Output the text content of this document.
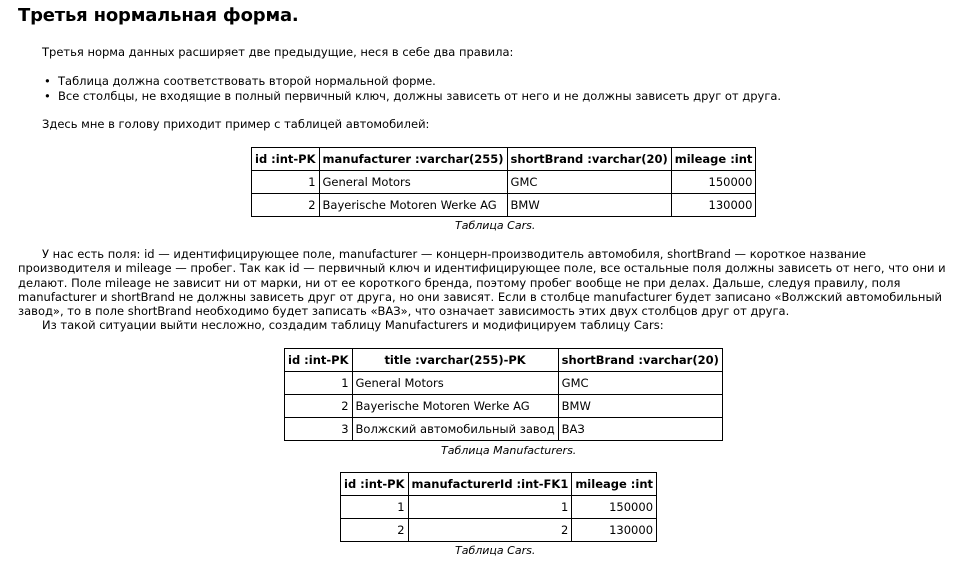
Третья нормальная форма.

Третья норма данных расширяет две предыдущие, неся в себе два правила:

• Таблица должна соответствовать второй нормальной форме.
• Все столбцы, не входящие в полный первичный ключ, должны зависеть от него и не должны зависеть друг от друга.

Здесь мне в голову приходит пример с таблицей автомобилей:

id :int-PK	manufacturer :varchar(255)	shortBrand :varchar(20)	mileage :int
1	General Motors	GMC	150000
2	Bayerische Motoren Werke AG	BMW	130000
Таблица Cars.

У нас есть поля: id — идентифицирующее поле, manufacturer — концерн-производитель автомобиля, shortBrand — короткое название производителя и mileage — пробег. Так как id — первичный ключ и идентифицирующее поле, все остальные поля должны зависеть от него, что они и делают. Поле mileage не зависит ни от марки, ни от ее короткого бренда, поэтому пробег вообще не при делах. Дальше, следуя правилу, поля manufacturer и shortBrand не должны зависеть друг от друга, но они зависят. Если в столбце manufacturer будет записано «Волжский автомобильный завод», то в поле shortBrand необходимо будет записать «ВАЗ», что означает зависимость этих двух столбцов друг от друга.

Из такой ситуации выйти несложно, создадим таблицу Manufacturers и модифицируем таблицу Cars:

id :int-PK	title :varchar(255)-PK	shortBrand :varchar(20)
1	General Motors	GMC
2	Bayerische Motoren Werke AG	BMW
3	Волжский автомобильный завод	ВАЗ
Таблица Manufacturers.
id :int-PK	manufacturerId :int-FK1	mileage :int
1	1	150000
2	2	130000
Таблица Cars.
